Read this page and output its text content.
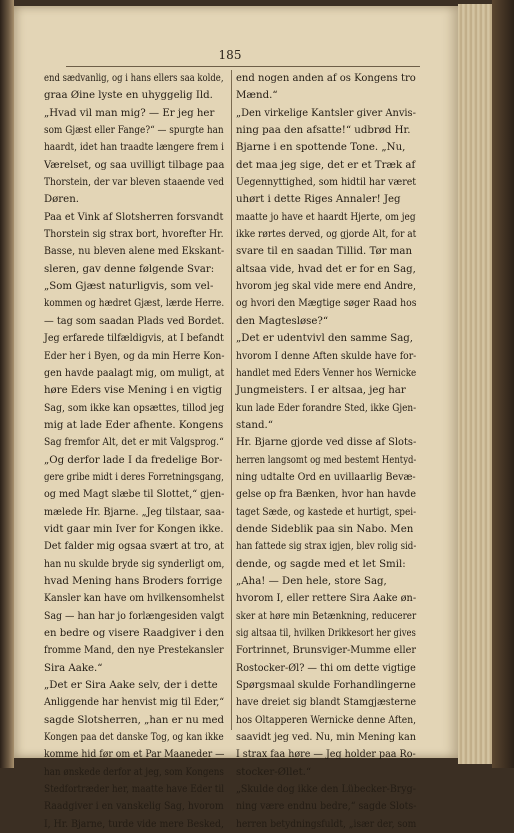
185
end sædvanlig, og i hans ellers saa kolde,
graa Øine lyste en uhyggelig Ild.
„Hvad vil man mig? — Er jeg her
som Gjæst eller Fange?“ — spurgte han
haardt, idet han traadte længere frem i
Værelset, og saa uvilligt tilbage paa
Thorstein, der var bleven staaende ved
Døren.
Paa et Vink af Slotsherren forsvandt
Thorstein sig strax bort, hvorefter Hr.
Basse, nu bleven alene med Ekskant-
sleren, gav denne følgende Svar:
„Som Gjæst naturligvis, som vel-
kommen og hædret Gjæst, lærde Herre.
— tag som saadan Plads ved Bordet.
Jeg erfarede tilfældigvis, at I befandt
Eder her i Byen, og da min Herre Kon-
gen havde paalagt mig, om muligt, at
høre Eders vise Mening i en vigtig
Sag, som ikke kan opsættes, tillod jeg
mig at lade Eder afhente. Kongens
Sag fremfor Alt, det er mit Valgsprog.“
„Og derfor lade I da fredelige Bor-
gere gribe midt i deres Forretningsgang,
og med Magt slæbe til Slottet,“ gjen-
mælede Hr. Bjarne. „Jeg tilstaar, saa-
vidt gaar min Iver for Kongen ikke.
Det falder mig ogsaa svært at tro, at
han nu skulde bryde sig synderligt om,
hvad Mening hans Broders forrige
Kansler kan have om hvilkensomhelst
Sag — han har jo forlængesiden valgt
en bedre og visere Raadgiver i den
fromme Mand, den nye Prestekansler
Sira Aake.“
„Det er Sira Aake selv, der i dette
Anliggende har henvist mig til Eder,“
sagde Slotsherren, „han er nu med
Kongen paa det danske Tog, og kan ikke
komme hid før om et Par Maaneder —
han ønskede derfor at jeg, som Kongens
Stedfortræder her, maatte have Eder til
Raadgiver i en vanskelig Sag, hvorom
I, Hr. Bjarne, turde vide mere Besked,
end nogen anden af os Kongens tro
Mænd.“
„Den virkelige Kantsler giver Anvis-
ning paa den afsatte!“ udbrød Hr.
Bjarne i en spottende Tone. „Nu,
det maa jeg sige, det er et Træk af
Uegennyttighed, som hidtil har været
uhørt i dette Riges Annaler! Jeg
maatte jo have et haardt Hjerte, om jeg
ikke rørtes derved, og gjorde Alt, for at
svare til en saadan Tillid. Tør man
altsaa vide, hvad det er for en Sag,
hvorom jeg skal vide mere end Andre,
og hvori den Mægtige søger Raad hos
den Magtesløse?“
„Det er udentvivl den samme Sag,
hvorom I denne Aften skulde have for-
handlet med Eders Venner hos Wernicke
Jungmeisters. I er altsaa, jeg har
kun lade Eder forandre Sted, ikke Gjen-
stand.“
Hr. Bjarne gjorde ved disse af Slots-
herren langsomt og med bestemt Hentyd-
ning udtalte Ord en uvillaarlig Bevæ-
gelse op fra Bænken, hvor han havde
taget Sæde, og kastede et hurtigt, spei-
dende Sideblik paa sin Nabo. Men
han fattede sig strax igjen, blev rolig sid-
dende, og sagde med et let Smil:
„Aha! — Den hele, store Sag,
hvorom I, eller rettere Sira Aake øn-
sker at høre min Betænkning, reducerer
sig altsaa til, hvilken Drikkesort her gives
Fortrinnet, Brunsviger-Mumme eller
Rostocker-Øl? — thi om dette vigtige
Spørgsmaal skulde Forhandlingerne
have dreiet sig blandt Stamgjæsterne
hos Oltapperen Wernicke denne Aften,
saavidt jeg ved. Nu, min Mening kan
I strax faa høre — Jeg holder paa Ro-
stocker-Øllet.“
„Skulde dog ikke den Lübecker-Bryg-
ning være endnu bedre,“ sagde Slots-
herren betydningsfuldt, „især der, som
